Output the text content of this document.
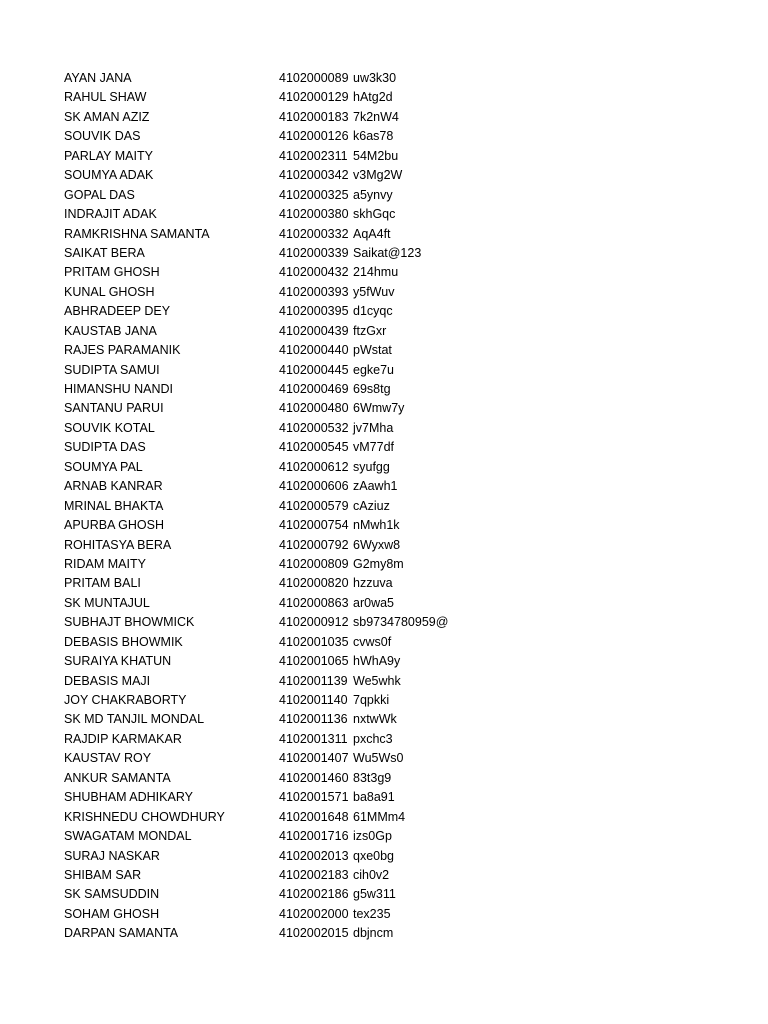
AYAN JANA	4102000089 uw3k30
RAHUL SHAW	4102000129 hAtg2d
SK AMAN AZIZ	4102000183 7k2nW4
SOUVIK DAS	4102000126 k6as78
PARLAY MAITY	4102002311 54M2bu
SOUMYA ADAK	4102000342 v3Mg2W
GOPAL DAS	4102000325 a5ynvy
INDRAJIT ADAK	4102000380 skhGqc
RAMKRISHNA SAMANTA	4102000332 AqA4ft
SAIKAT BERA	4102000339 Saikat@123
PRITAM GHOSH	4102000432 214hmu
KUNAL GHOSH	4102000393 y5fWuv
ABHRADEEP DEY	4102000395 d1cyqc
KAUSTAB JANA	4102000439 ftzGxr
RAJES PARAMANIK	4102000440 pWstat
SUDIPTA SAMUI	4102000445 egke7u
HIMANSHU NANDI	4102000469 69s8tg
SANTANU PARUI	4102000480 6Wmw7y
SOUVIK KOTAL	4102000532 jv7Mha
SUDIPTA DAS	4102000545 vM77df
SOUMYA PAL	4102000612 syufgg
ARNAB KANRAR	4102000606 zAawh1
MRINAL BHAKTA	4102000579 cAziuz
APURBA GHOSH	4102000754 nMwh1k
ROHITASYA BERA	4102000792 6Wyxw8
RIDAM MAITY	4102000809 G2my8m
PRITAM BALI	4102000820 hzzuva
SK MUNTAJUL	4102000863 ar0wa5
SUBHAJT BHOWMICK	4102000912 sb9734780959@
DEBASIS BHOWMIK	4102001035 cvws0f
SURAIYA KHATUN	4102001065 hWhA9y
DEBASIS MAJI	4102001139 We5whk
JOY CHAKRABORTY	4102001140 7qpkki
SK MD TANJIL MONDAL	4102001136 nxtwWk
RAJDIP KARMAKAR	4102001311 pxchc3
KAUSTAV ROY	4102001407 Wu5Ws0
ANKUR SAMANTA	4102001460 83t3g9
SHUBHAM ADHIKARY	4102001571 ba8a91
KRISHNEDU CHOWDHURY	4102001648 61MMm4
SWAGATAM MONDAL	4102001716 izs0Gp
SURAJ NASKAR	4102002013 qxe0bg
SHIBAM SAR	4102002183 cih0v2
SK SAMSUDDIN	4102002186 g5w311
SOHAM GHOSH	4102002000 tex235
DARPAN SAMANTA	4102002015 dbjncm
